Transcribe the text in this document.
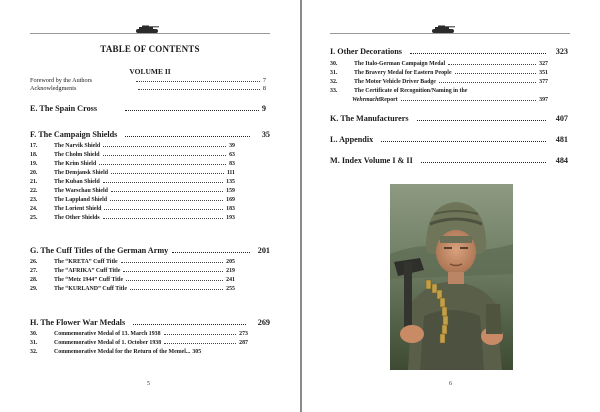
TABLE OF CONTENTS
VOLUME II
Foreword by the Authors	7
Acknowledgments	8
E. The Spain Cross	9
F. The Campaign Shields	35
17.	The Narvik Shield	39
18.	The Cholm Shield	63
19.	The Krim Shield	83
20.	The Demjansk Shield	111
21.	The Kuban Shield	135
22.	The Warschau Shield	159
23.	The Lappland Shield	169
24.	The Lorient Shield	183
25.	The Other Shields	193
G. The Cuff Titles of the German Army	201
26.	The “KRETA” Cuff Title	205
27.	The “AFRIKA” Cuff Title	219
28.	The “Metz 1944” Cuff Title	241
29.	The “KURLAND” Cuff Title	255
H. The Flower War Medals	269
30.	Commemorative Medal of 13. March 1938	273
31.	Commemorative Medal of 1. October 1938	287
32.	Commemorative Medal for the Return of the Memel... 305
5
I. Other Decorations	323
30.	The Italo-German Campaign Medal	327
31.	The Bravery Medal for Eastern People	351
32.	The Motor Vehicle Driver Badge	377
33.	The Certificate of Recognition/Naming in the
Wehrmacht Report	397
K. The Manufacturers	407
L. Appendix	481
M. Index Volume I & II	484
6
